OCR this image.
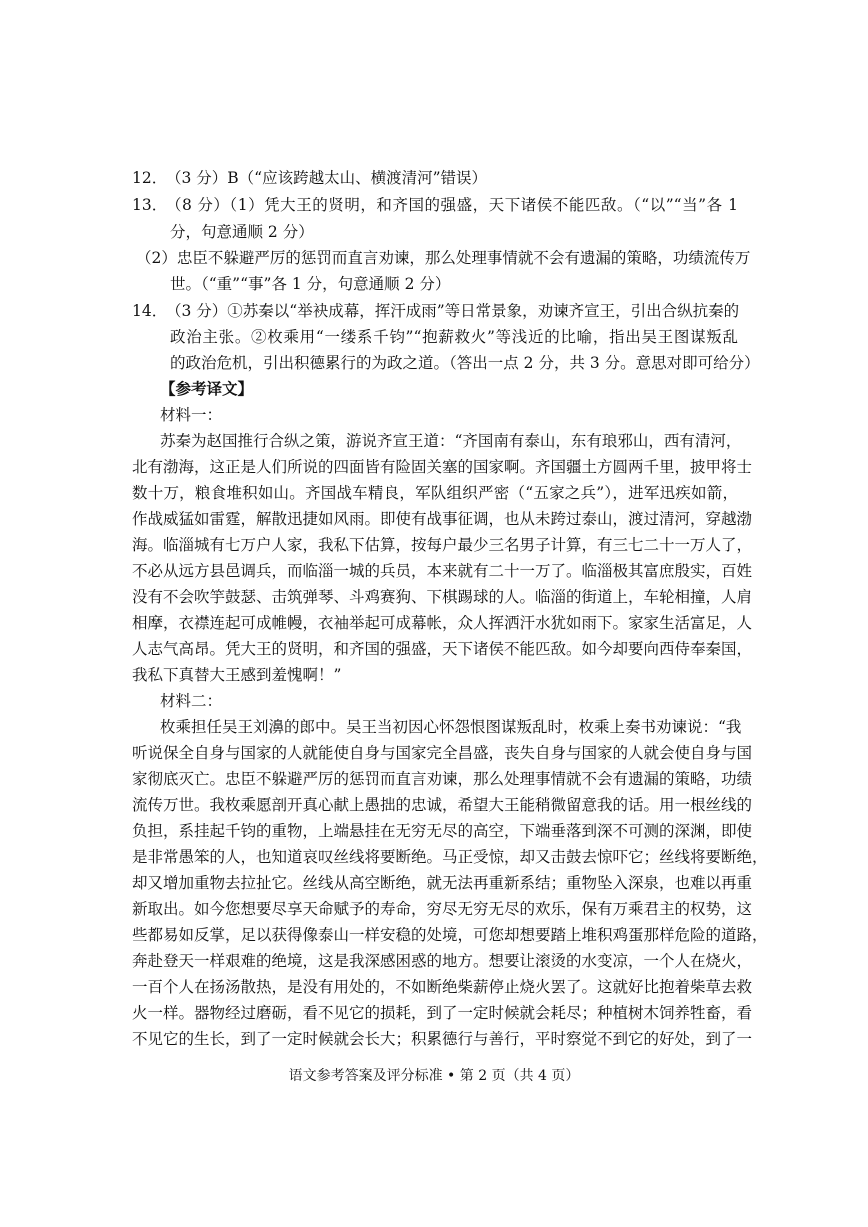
12．
（3 分）B（“应该跨越太山、横渡清河”错误）
13．
（8 分）（1）凭大王的贤明，和齐国的强盛，天下诸侯不能匹敌。（“以”“当”各 1
分，句意通顺 2 分）
（2）忠臣不躲避严厉的惩罚而直言劝谏，那么处理事情就不会有遗漏的策略，功绩流传万
世。（“重”“事”各 1 分，句意通顺 2 分）
14．
（3 分）①苏秦以“举袂成幕，挥汗成雨”等日常景象，劝谏齐宣王，引出合纵抗秦的
政治主张。②枚乘用“一缕系千钧”“抱薪救火”等浅近的比喻，指出吴王图谋叛乱
的政治危机，引出积德累行的为政之道。（答出一点 2 分，共 3 分。意思对即可给分）
【参考译文】
材料一：
苏秦为赵国推行合纵之策，游说齐宣王道：“齐国南有泰山，东有琅邪山，西有清河，
北有渤海，这正是人们所说的四面皆有险固关塞的国家啊。齐国疆土方圆两千里，披甲将士
数十万，粮食堆积如山。齐国战车精良，军队组织严密（“五家之兵”），进军迅疾如箭，
作战威猛如雷霆，解散迅捷如风雨。即使有战事征调，也从未跨过泰山，渡过清河，穿越渤
海。临淄城有七万户人家，我私下估算，按每户最少三名男子计算，有三七二十一万人了，
不必从远方县邑调兵，而临淄一城的兵员，本来就有二十一万了。临淄极其富庶殷实，百姓
没有不会吹竽鼓瑟、击筑弹琴、斗鸡赛狗、下棋踢球的人。临淄的街道上，车轮相撞，人肩
相摩，衣襟连起可成帷幔，衣袖举起可成幕帐，众人挥洒汗水犹如雨下。家家生活富足，人
人志气高昂。凭大王的贤明，和齐国的强盛，天下诸侯不能匹敌。如今却要向西侍奉秦国，
我私下真替大王感到羞愧啊！”
材料二：
枚乘担任吴王刘濞的郎中。吴王当初因心怀怨恨图谋叛乱时，枚乘上奏书劝谏说：“我
听说保全自身与国家的人就能使自身与国家完全昌盛，丧失自身与国家的人就会使自身与国
家彻底灭亡。忠臣不躲避严厉的惩罚而直言劝谏，那么处理事情就不会有遗漏的策略，功绩
流传万世。我枚乘愿剖开真心献上愚拙的忠诚，希望大王能稍微留意我的话。用一根丝线的
负担，系挂起千钧的重物，上端悬挂在无穷无尽的高空，下端垂落到深不可测的深渊，即使
是非常愚笨的人，也知道哀叹丝线将要断绝。马正受惊，却又击鼓去惊吓它；丝线将要断绝，
却又增加重物去拉扯它。丝线从高空断绝，就无法再重新系结；重物坠入深泉，也难以再重
新取出。如今您想要尽享天命赋予的寿命，穷尽无穷无尽的欢乐，保有万乘君主的权势，这
些都易如反掌，足以获得像泰山一样安稳的处境，可您却想要踏上堆积鸡蛋那样危险的道路，
奔赴登天一样艰难的绝境，这是我深感困惑的地方。想要让滚烫的水变凉，一个人在烧火，
一百个人在扬汤散热，是没有用处的，不如断绝柴薪停止烧火罢了。这就好比抱着柴草去救
火一样。器物经过磨砺，看不见它的损耗，到了一定时候就会耗尽；种植树木饲养牲畜，看
不见它的生长，到了一定时候就会长大；积累德行与善行，平时察觉不到它的好处，到了一
语文参考答案及评分标准 • 第 2 页（共 4 页）
